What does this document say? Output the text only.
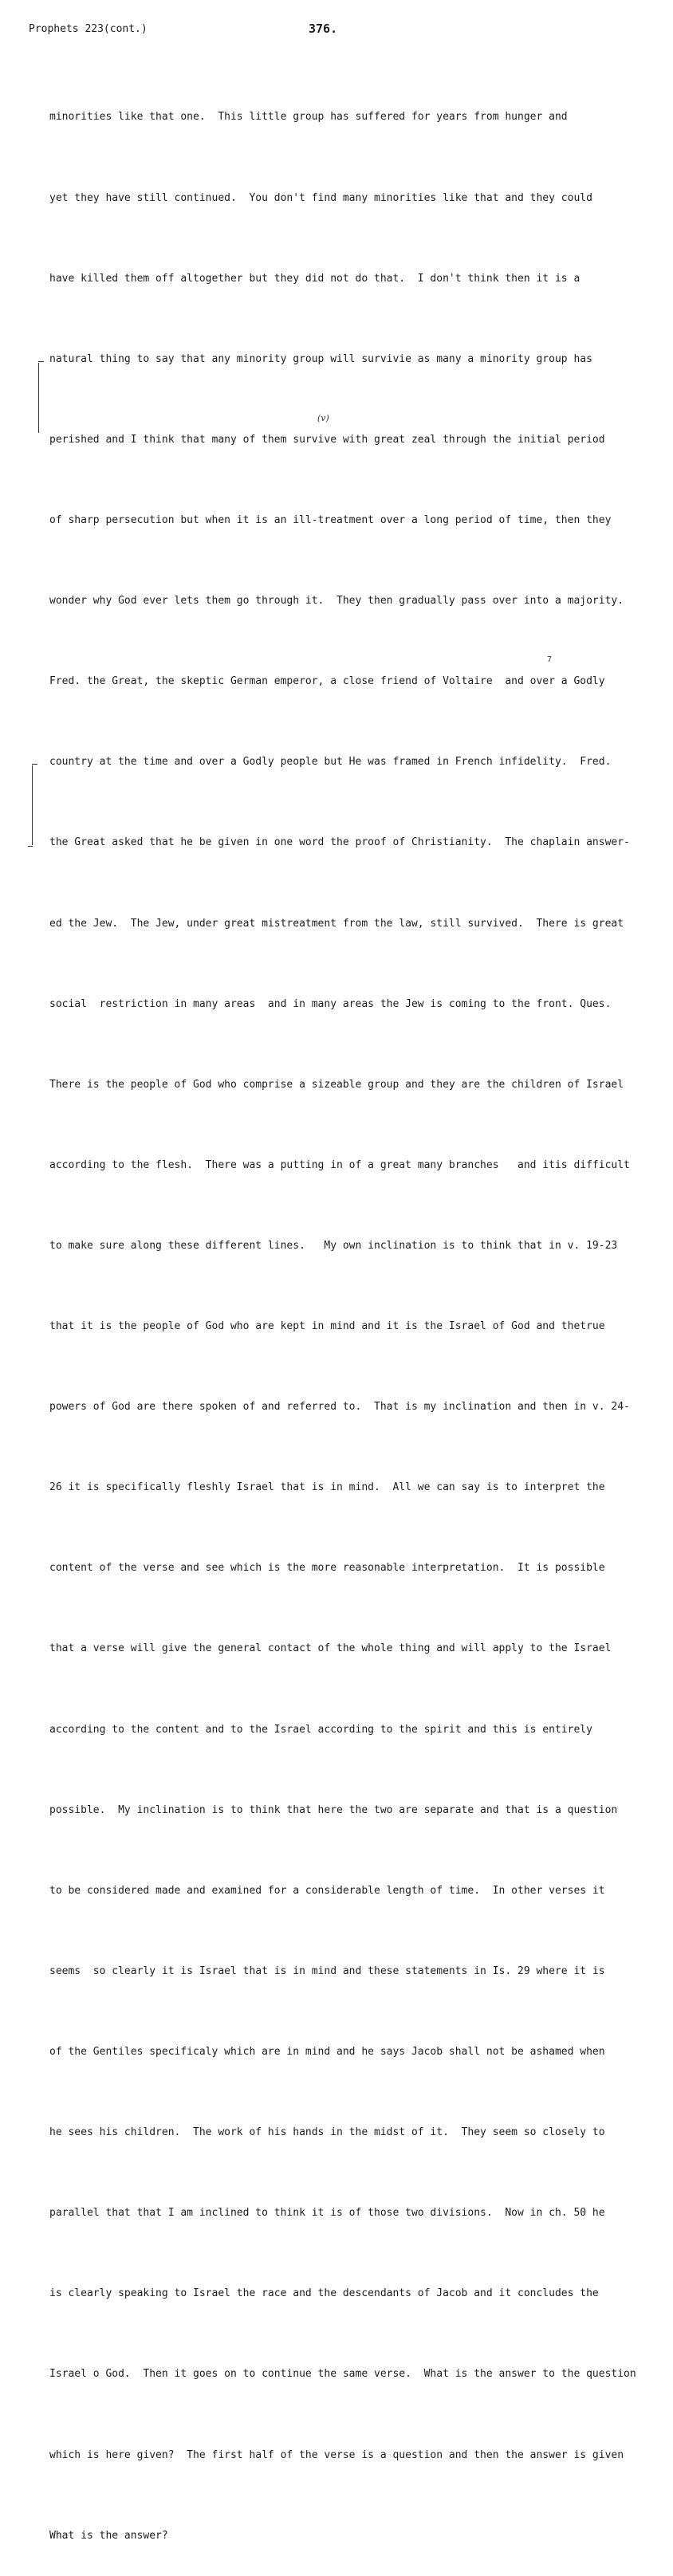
Prophets 223(cont.)	376.
(v)
7

minorities like that one.  This little group has suffered for years from hunger and

yet they have still continued.  You don't find many minorities like that and they could

have killed them off altogether but they did not do that.  I don't think then it is a

natural thing to say that any minority group will survivie as many a minority group has

perished and I think that many of them survive with great zeal through the initial period

of sharp persecution but when it is an ill-treatment over a long period of time, then they

wonder why God ever lets them go through it.  They then gradually pass over into a majority.

Fred. the Great, the skeptic German emperor, a close friend of Voltaire  and over a Godly

country at the time and over a Godly people but He was framed in French infidelity.  Fred.

the Great asked that he be given in one word the proof of Christianity.  The chaplain answer-

ed the Jew.  The Jew, under great mistreatment from the law, still survived.  There is great

social  restriction in many areas  and in many areas the Jew is coming to the front. Ques.

There is the people of God who comprise a sizeable group and they are the children of Israel

according to the flesh.  There was a putting in of a great many branches   and itis difficult

to make sure along these different lines.   My own inclination is to think that in v. 19-23

that it is the people of God who are kept in mind and it is the Israel of God and thetrue

powers of God are there spoken of and referred to.  That is my inclination and then in v. 24-

26 it is specifically fleshly Israel that is in mind.  All we can say is to interpret the

content of the verse and see which is the more reasonable interpretation.  It is possible

that a verse will give the general contact of the whole thing and will apply to the Israel

according to the content and to the Israel according to the spirit and this is entirely

possible.  My inclination is to think that here the two are separate and that is a question

to be considered made and examined for a considerable length of time.  In other verses it

seems  so clearly it is Israel that is in mind and these statements in Is. 29 where it is

of the Gentiles specificaly which are in mind and he says Jacob shall not be ashamed when

he sees his children.  The work of his hands in the midst of it.  They seem so closely to

parallel that that I am inclined to think it is of those two divisions.  Now in ch. 50 he

is clearly speaking to Israel the race and the descendants of Jacob and it concludes the

Israel o God.  Then it goes on to continue the same verse.  What is the answer to the question

which is here given?  The first half of the verse is a question and then the answer is given

What is the answer?
